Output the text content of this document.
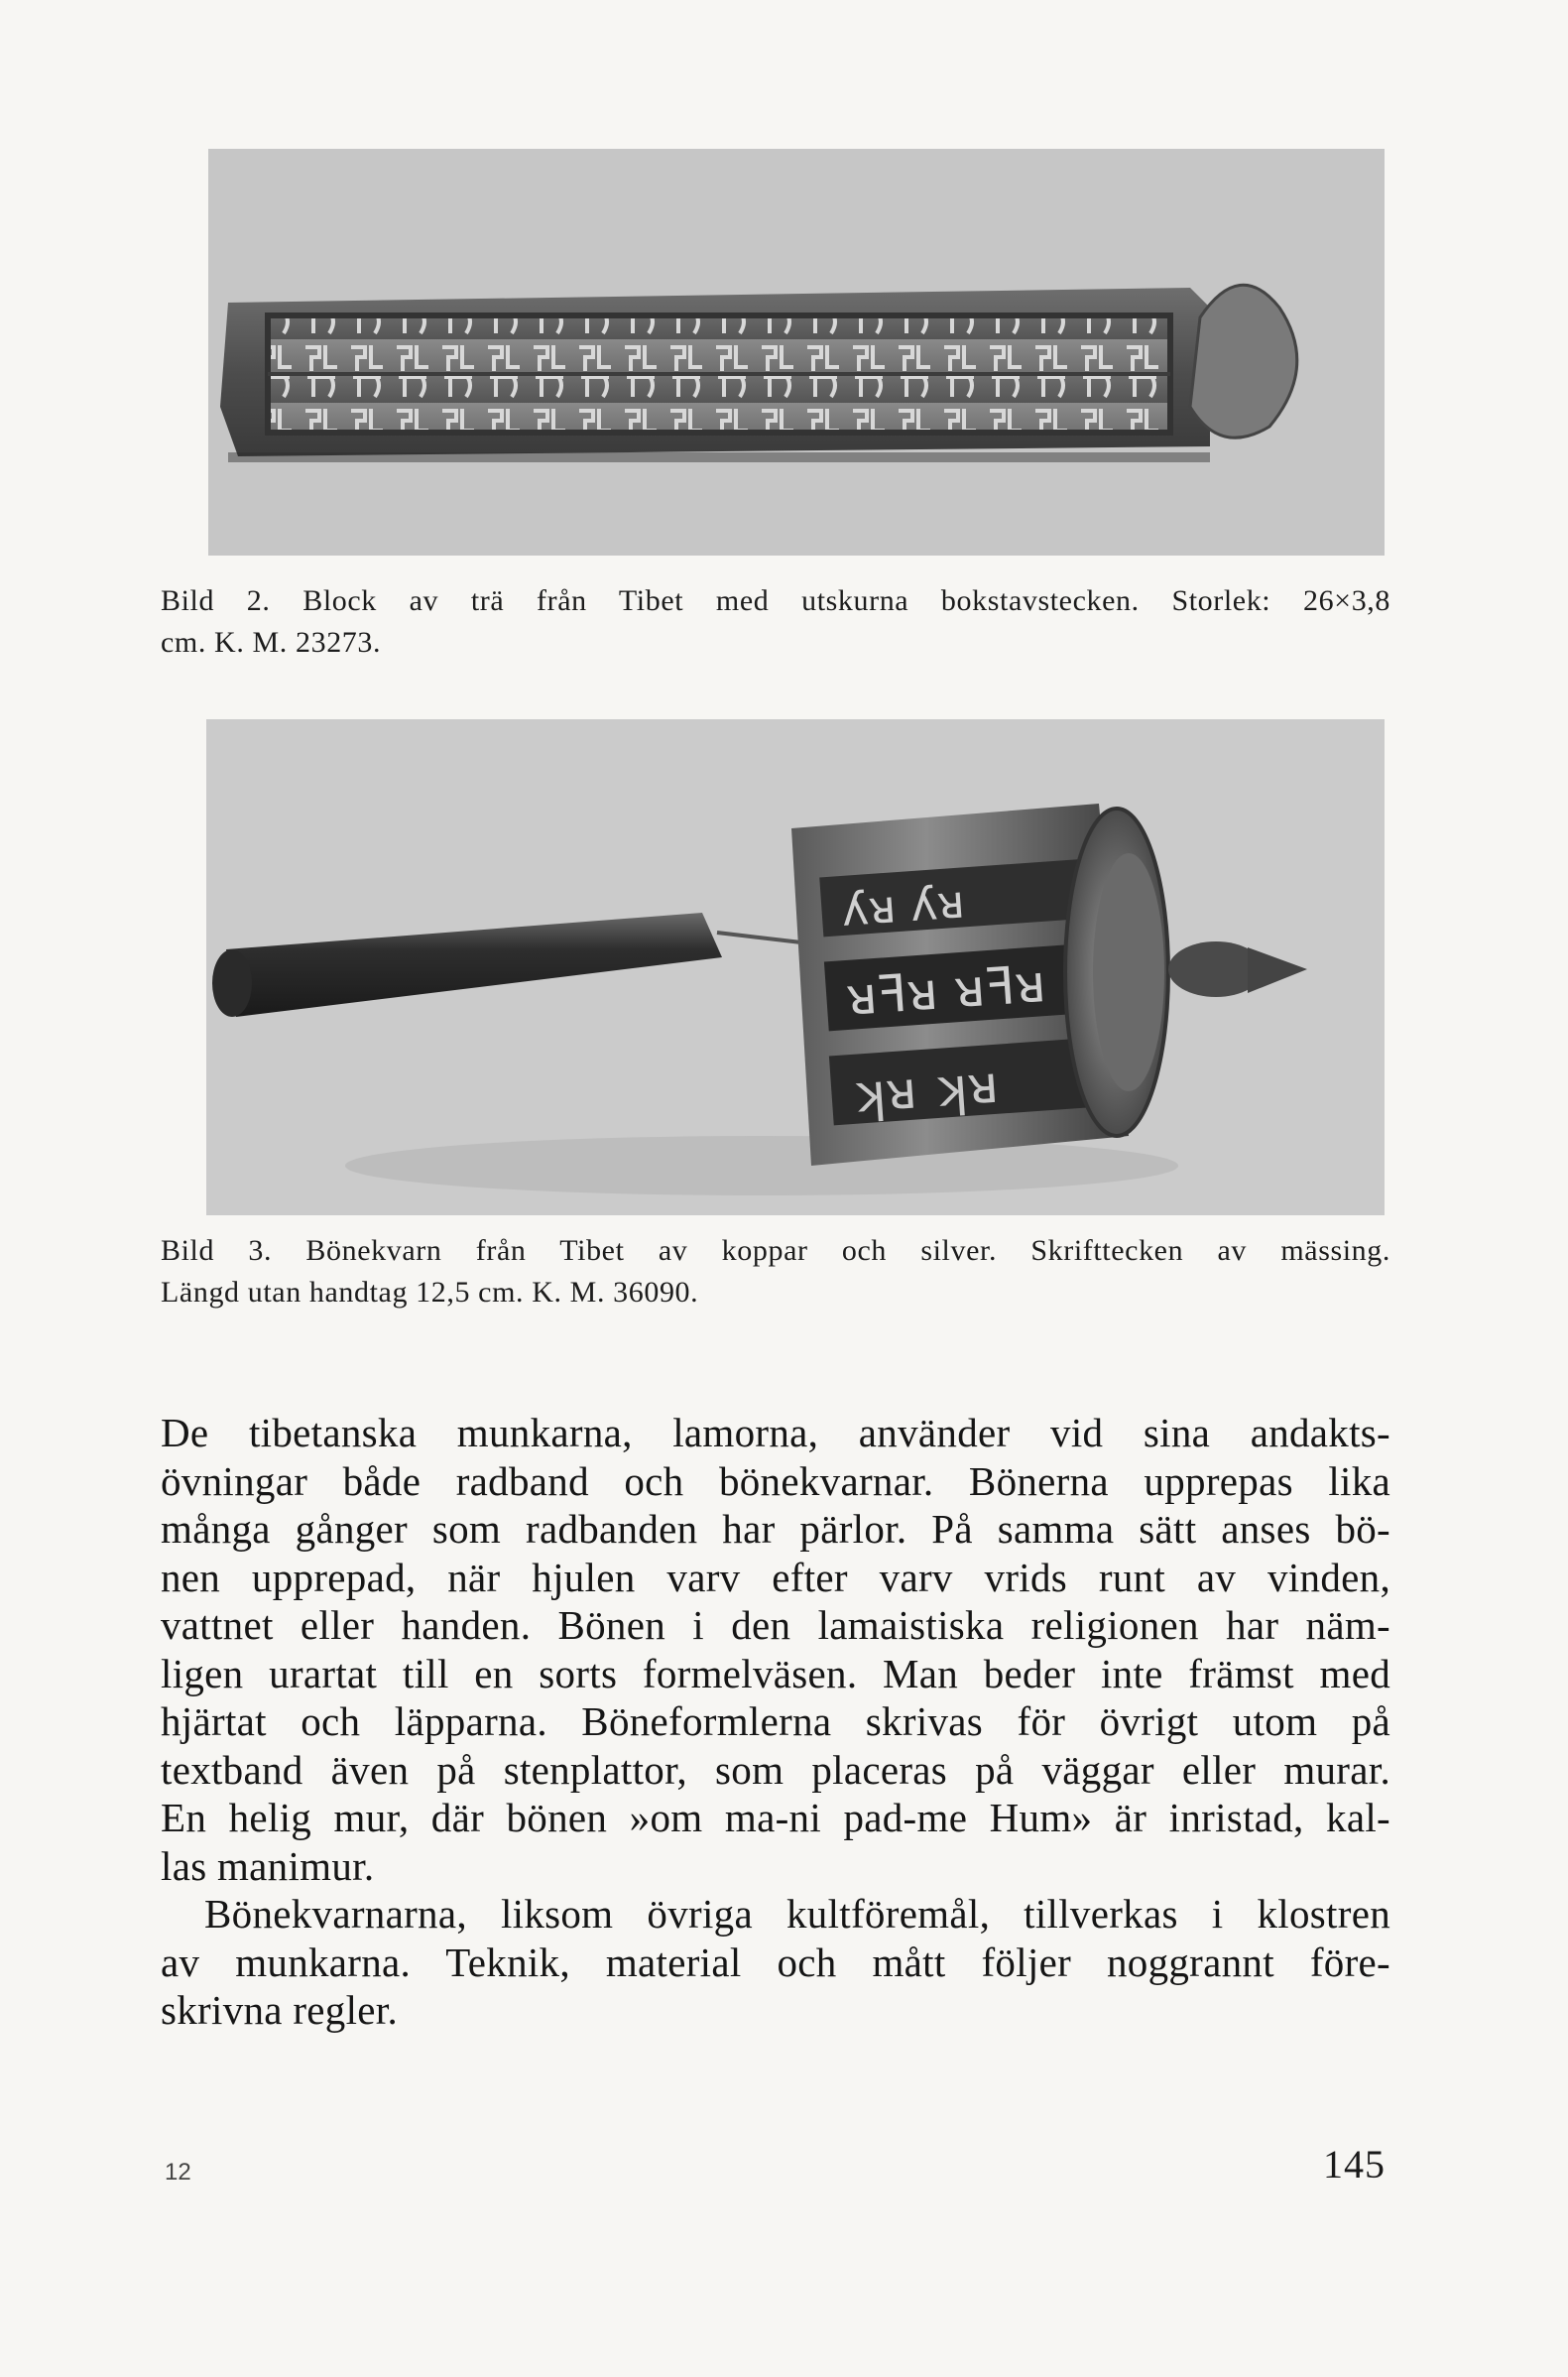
Bild 2. Block av trä från Tibet med utskurna bokstavstecken. Storlek: 26×3,8
cm. K. M. 23273.

ʎᴚ ʎᴚ
ᴚꟻᴚ ᴚꟻᴚ
ʞᴚ ʞᴚ

Bild 3. Bönekvarn från Tibet av koppar och silver. Skrifttecken av mässing.
Längd utan handtag 12,5 cm. K. M. 36090.

De tibetanska munkarna, lamorna, använder vid sina andakts-
övningar både radband och bönekvarnar. Bönerna upprepas lika
många gånger som radbanden har pärlor. På samma sätt anses bö-
nen upprepad, när hjulen varv efter varv vrids runt av vinden,
vattnet eller handen. Bönen i den lamaistiska religionen har näm-
ligen urartat till en sorts formelväsen. Man beder inte främst med
hjärtat och läpparna. Böneformlerna skrivas för övrigt utom på
textband även på stenplattor, som placeras på väggar eller murar.
En helig mur, där bönen »om ma-ni pad-me Hum» är inristad, kal-
las manimur.
Bönekvarnarna, liksom övriga kultföremål, tillverkas i klostren
av munkarna. Teknik, material och mått följer noggrannt före-
skrivna regler.
12	145
